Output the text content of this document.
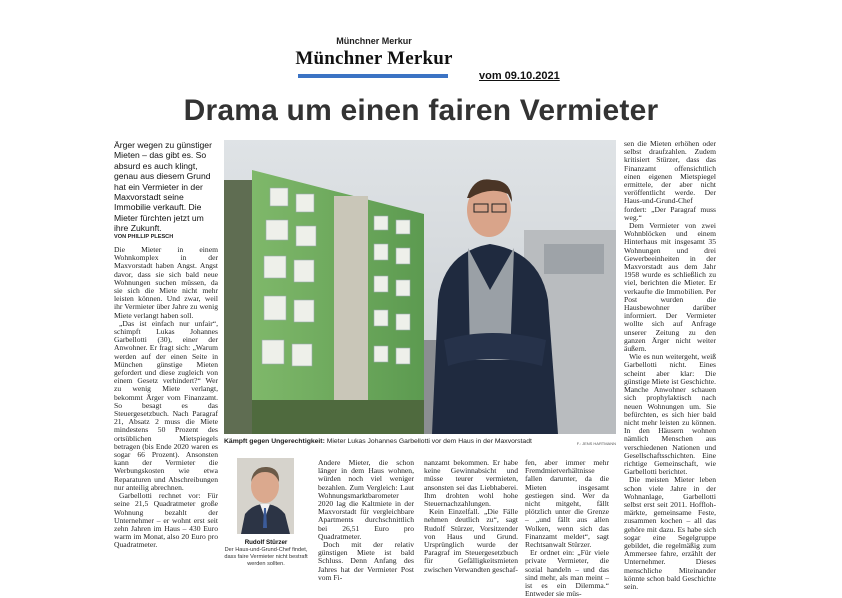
Münchner Merkur
Münchner Merkur
vom 09.10.2021
Drama um einen fairen Vermieter
Ärger wegen zu günstiger Mieten – das gibt es. So absurd es auch klingt, genau aus diesem Grund hat ein Vermieter in der Maxvorstadt seine Immobilie verkauft. Die Mieter fürchten jetzt um ihre Zukunft.
VON PHILLIP PLESCH

Die Mieter in einem Wohnkomplex in der Maxvorstadt haben Angst. Angst davor, dass sie sich bald neue Wohnungen suchen müssen, da sie sich die Miete nicht mehr leisten können. Und zwar, weil ihr Vermieter über Jahre zu wenig Miete verlangt haben soll.

„Das ist einfach nur unfair“, schimpft Lukas Johannes Garbellotti (30), einer der Anwohner. Er fragt sich: „Warum werden auf der einen Seite in München günstige Mieten gefordert und diese zugleich von einem Gesetz verhindert?“ Wer zu wenig Miete verlangt, bekommt Ärger vom Finanzamt. So besagt es das Steuergesetzbuch. Nach Paragraf 21, Absatz 2 muss die Miete mindestens 50 Prozent des ortsüblichen Mietspiegels betragen (bis Ende 2020 waren es sogar 66 Prozent). Ansonsten kann der Vermieter die Werbungskosten wie etwa Reparaturen und Abschreibungen nur anteilig abrechnen.

Garbellotti rechnet vor: Für seine 21,5 Quadratmeter große Wohnung bezahlt der Unternehmer – er wohnt erst seit zehn Jahren im Haus – 430 Euro warm im Monat, also 20 Euro pro Quadratmeter.

Kämpft gegen Ungerechtigkeit: Mieter Lukas Johannes Garbellotti vor dem Haus in der Maxvorstadt	F.: JENS HARTMANN
Rudolf Stürzer
Der Haus-und-Grund-Chef findet, dass faire Vermieter nicht bestraft werden sollten.

Andere Mieter, die schon länger in dem Haus wohnen, würden noch viel weniger bezahlen. Zum Vergleich: Laut Wohnungsmarktbarometer 2020 lag die Kaltmiete in der Maxvorstadt für vergleichbare Apartments durchschnittlich bei 26,51 Euro pro Quadratmeter.

Doch mit der relativ günstigen Miete ist bald Schluss. Denn Anfang des Jahres hat der Vermieter Post vom Fi-

nanzamt bekommen. Er habe keine Gewinnabsicht und müsse teurer vermieten, ansonsten sei das Liebhaberei. Ihm drohten wohl hohe Steuernachzahlungen.

Kein Einzelfall. „Die Fälle nehmen deutlich zu“, sagt Rudolf Stürzer, Vorsitzender von Haus und Grund. Ursprünglich wurde der Paragraf im Steuergesetzbuch für Gefälligkeitsmieten zwischen Verwandten geschaf-

fen, aber immer mehr Fremdmietverhältnisse fallen darunter, da die Mieten insgesamt gestiegen sind. Wer da nicht mitgeht, fällt plötzlich unter die Grenze – „und fällt aus allen Wolken, wenn sich das Finanzamt meldet“, sagt Rechtsanwalt Stürzer.

Er ordnet ein: „Für viele private Vermieter, die sozial handeln – und das sind mehr, als man meint – ist es ein Dilemma.“ Entweder sie müs-

sen die Mieten erhöhen oder selbst draufzahlen. Zudem kritisiert Stürzer, dass das Finanzamt offensichtlich einen eigenen Mietspiegel ermittele, der aber nicht veröffentlicht werde. Der Haus-und-Grund-Chef fordert: „Der Paragraf muss weg.“

Dem Vermieter von zwei Wohnblöcken und einem Hinterhaus mit insgesamt 35 Wohnungen und drei Gewerbeeinheiten in der Maxvorstadt aus dem Jahr 1958 wurde es schließlich zu viel, berichten die Mieter. Er verkaufte die Immobilien. Per Post wurden die Hausbewohner darüber informiert. Der Vermieter wollte sich auf Anfrage unserer Zeitung zu den ganzen Ärger nicht weiter äußern.

Wie es nun weitergeht, weiß Garbellotti nicht. Eines scheint aber klar: Die günstige Miete ist Geschichte. Manche Anwohner schauen sich prophylaktisch nach neuen Wohnungen um. Sie befürchten, es sich hier bald nicht mehr leisten zu können. In den Häusern wohnen nämlich Menschen aus verschiedenen Nationen und Gesellschaftsschichten. Eine richtige Gemeinschaft, wie Garbellotti berichtet.

Die meisten Mieter leben schon viele Jahre in der Wohnanlage, Garbellotti selbst erst seit 2011. Hofflohmärkte, gemeinsame Feste, zusammen kochen – all das gehöre mit dazu. Es habe sich sogar eine Segelgruppe gebildet, die regelmäßig zum Ammersee fahre, erzählt der Unternehmer. Dieses menschliche Miteinander könnte schon bald Geschichte sein.
